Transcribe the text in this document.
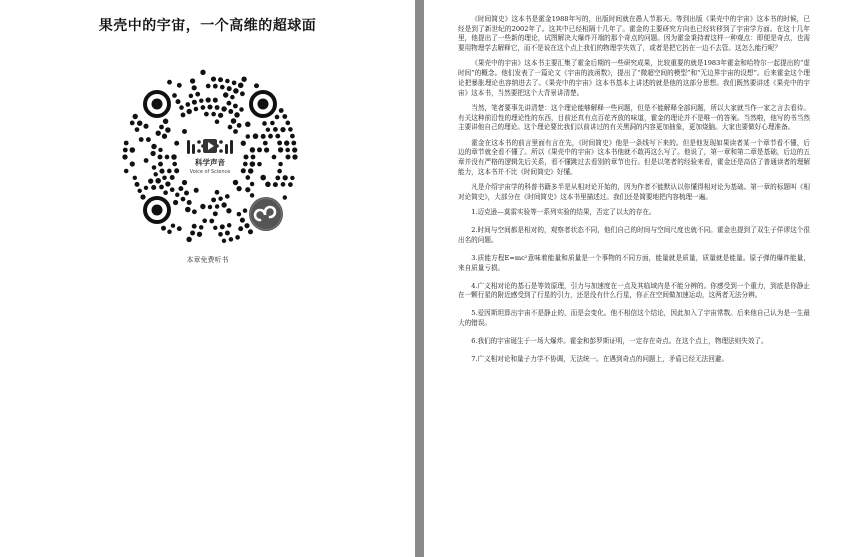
果壳中的宇宙，一个高维的超球面
科学声音
Voice of Science
本章免费听书

《时间简史》这本书是霍金1988年写的，出版时间就在愚人节那天。等到出版《果壳中的宇宙》这本书的时候，已经是到了新世纪的2002年了。这其中已经相隔十几年了。霍金的主要研究方向也已经转移到了宇宙学方面。在这十几年里，他提出了一些新的理论，试图解决大爆炸开端的那个奇点的问题。因为霍金秉持着这样一种观点：即便是奇点，也需要用物理学去解释它，而不是说在这个点上我们的物理学失效了，或者是把它扔在一边不去管。这怎么能行呢？

《果壳中的宇宙》这本书主要汇集了霍金后期的一些研究成果，比较重要的就是1983年霍金和哈特尔一起提出的“虚时间”的概念。他们发表了一篇论文《宇宙的波函数》，提出了“微超空间的模型”和“无边界宇宙的设想”。后来霍金这个理论把暴胀理论也容纳进去了。《果壳中的宇宙》这本书基本上讲述的就是他的这部分思想。我们既然要讲述《果壳中的宇宙》这本书，当然要把这个大背景讲清楚。

当然，笔者要事先讲清楚：这个理论能够解释一些问题，但是不能解释全部问题，所以大家就当作一家之言去看待。有关这种前沿性的理论性的东西，目前还真有点百花齐放的味道，霍金的理论并不是唯一的答案。当然啦，他写的书当然主要讲他自己的理论。这个理论要比我们以前讲过的有关黑洞的内容更加抽象，更加烧脑。大家也要做好心理准备。

霍金在这本书的前言里面有言在先，《时间简史》他是一条线写下来的。但是他发现如果读者某一个章节看不懂，后边的章节就全看不懂了。所以《果壳中的宇宙》这本书他就不敢再这么写了。他说了，第一章和第二章是基础，后边的五章并没有严格的逻辑先后关系，看不懂跳过去看别的章节也行。但是以笔者的经验来看，霍金还是高估了普通读者的理解能力，这本书并不比《时间简史》好懂。

凡是介绍宇宙学的科普书籍多半是从相对论开始的，因为作者不能默认以你懂得相对论为基础。第一章的标题叫《相对论简史》，大部分在《时间简史》这本书里描述过。我们还是简要地把内容梳理一遍。

1.迈克逊—莫雷实验等一系列实验的结果，否定了以太的存在。

2.时间与空间都是相对的，观察者状态不同，他们自己的时间与空间尺度也就不同。霍金也提到了双生子佯谬这个很出名的问题。

3.质能方程E=mc²意味着能量和质量是一个事物的不同方面，能量就是质量，质量就是能量。原子弹的爆炸能量，来自质量亏损。

4.广义相对论的基石是等效原理，引力与加速度在一点及其临域内是不能分辨的。你感受到一个重力，到底是你静止在一颗行星的附近感受到了行星的引力，还是没有什么行星，你正在空间做加速运动，这两者无法分辨。

5.爱因斯坦算出宇宙不是静止的，而是会变化。他不相信这个结论，因此加入了宇宙常数。后来他自己认为是一生最大的错误。

6.我们的宇宙诞生于一场大爆炸。霍金和彭罗斯证明，一定存在奇点。在这个点上，物理法则失效了。

7.广义相对论和量子力学不协调，无法统一。在遇到奇点的问题上，矛盾已经无法回避。
